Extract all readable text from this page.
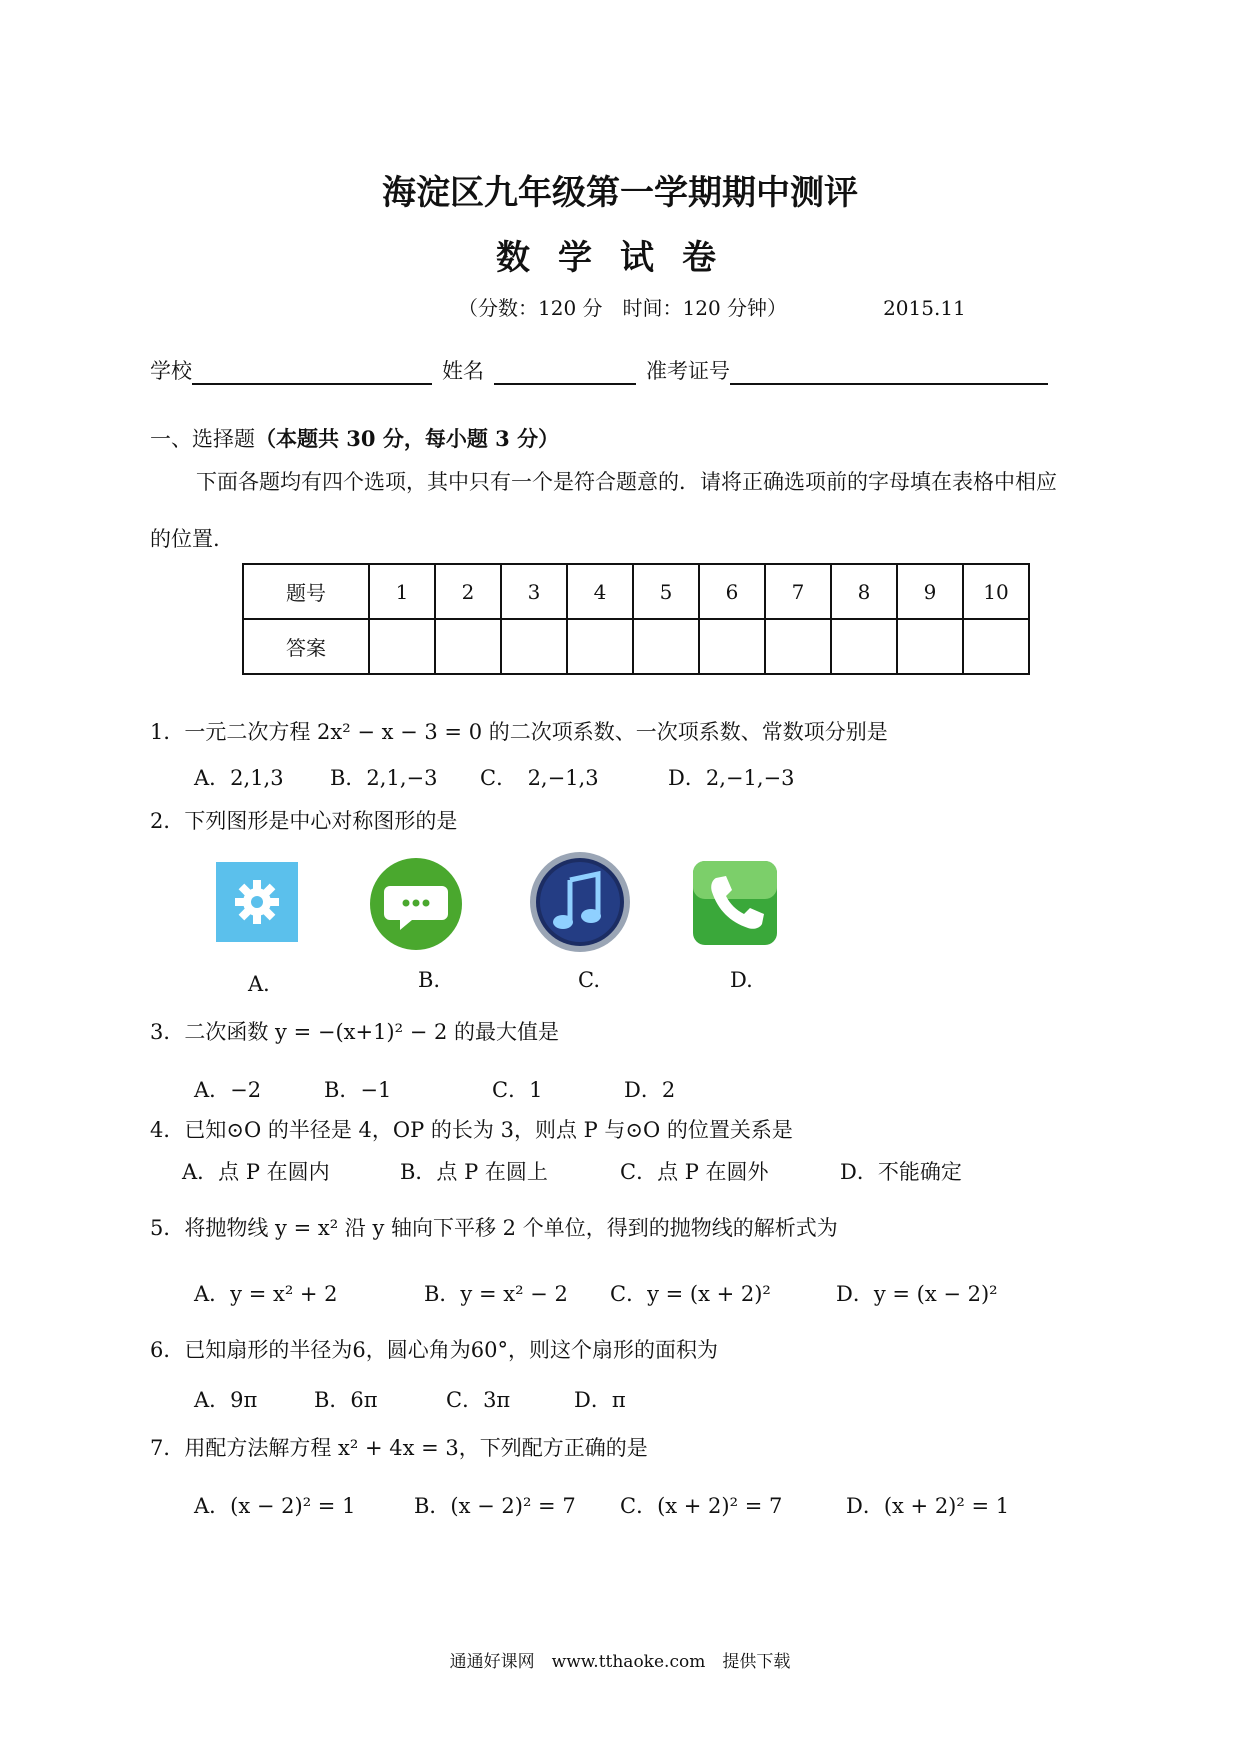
海淀区九年级第一学期期中测评
数学试卷
（分数：120 分　时间：120 分钟）	2015.11
学校	姓名	准考证号
一、选择题（本题共 30 分，每小题 3 分）
下面各题均有四个选项，其中只有一个是符合题意的．请将正确选项前的字母填在表格中相应
的位置.
题号	1	2	3	4	5	6	7	8	9	10
答案										
1．一元二次方程 2x² − x − 3 = 0 的二次项系数、一次项系数、常数项分别是
A．2,1,3 B．2,1,−3 C．　2,−1,3	D．2,−1,−3
2．下列图形是中心对称图形的是
A．	B.	C.	D.
3．二次函数 y = −(x+1)² − 2 的最大值是
A．−2	B．−1	C．1	D．2
4．已知⊙O 的半径是 4，OP 的长为 3，则点 P 与⊙O 的位置关系是
A．点 P 在圆内	B．点 P 在圆上	C．点 P 在圆外	D．不能确定
5．将抛物线 y = x² 沿 y 轴向下平移 2 个单位，得到的抛物线的解析式为
A．y = x² + 2	B．y = x² − 2 C．y = (x + 2)²	D．y = (x − 2)²
6．已知扇形的半径为6，圆心角为60°，则这个扇形的面积为
A．9π	B．6π	C．3π	D．π
7．用配方法解方程 x² + 4x = 3，下列配方正确的是
A．(x − 2)² = 1	B．(x − 2)² = 7 C．(x + 2)² = 7	D．(x + 2)² = 1
通通好课网　www.tthaoke.com　提供下载
